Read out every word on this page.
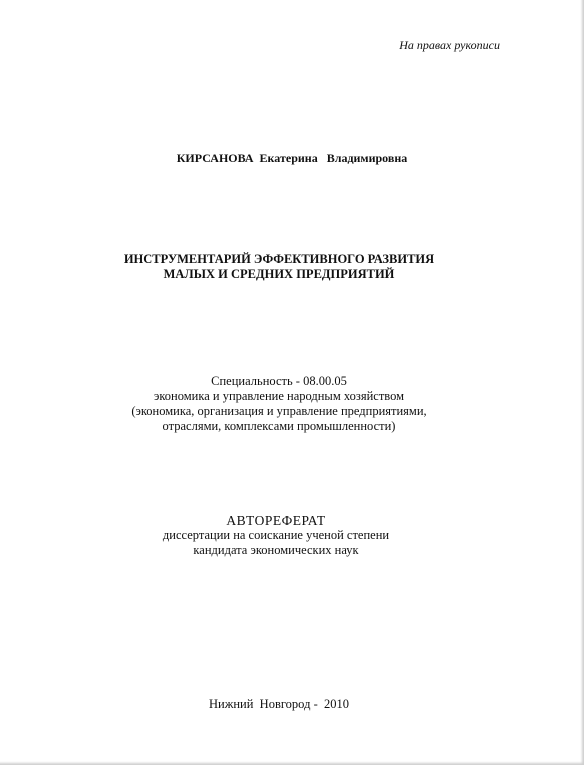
На правах рукописи
КИРСАНОВА Екатерина Владимировна
ИНСТРУМЕНТАРИЙ ЭФФЕКТИВНОГО РАЗВИТИЯ
МАЛЫХ И СРЕДНИХ ПРЕДПРИЯТИЙ
Специальность - 08.00.05
экономика и управление народным хозяйством
(экономика, организация и управление предприятиями,
отраслями, комплексами промышленности)
АВТОРЕФЕРАТ
диссертации на соискание ученой степени
кандидата экономических наук
Нижний  Новгород - 2010
